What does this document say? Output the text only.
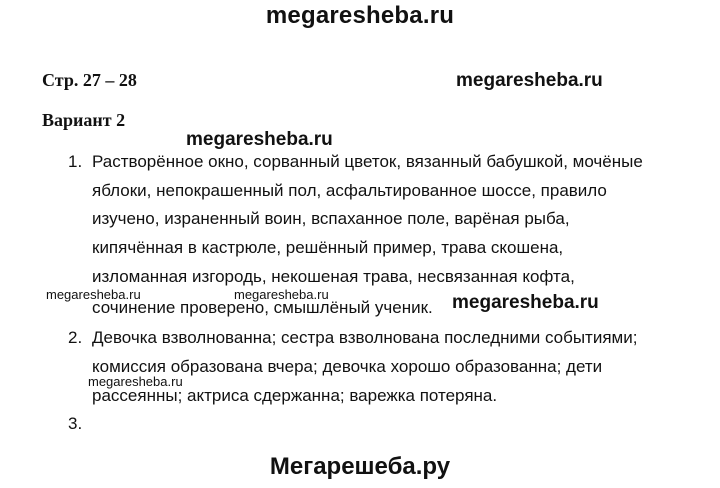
megaresheba.ru
Стр. 27 – 28	megaresheba.ru
Вариант 2
megaresheba.ru
1. Растворённое окно, сорванный цветок, вязанный бабушкой, мочёные
яблоки, непокрашенный пол, асфальтированное шоссе, правило
изучено, израненный воин, вспаханное поле, варёная рыба,
кипячённая в кастрюле, решённый пример, трава скошена,
изломанная изгородь, некошеная трава, несвязанная кофта,
сочинение проверено, смышлёный ученик.
megaresheba.ru	megaresheba.ru	megaresheba.ru
2. Девочка взволнованна; сестра взволнована последними событиями;
комиссия образована вчера; девочка хорошо образованна; дети
рассеянны; актриса сдержанна; варежка потеряна.
megaresheba.ru
3.
Мегарешеба.ру
